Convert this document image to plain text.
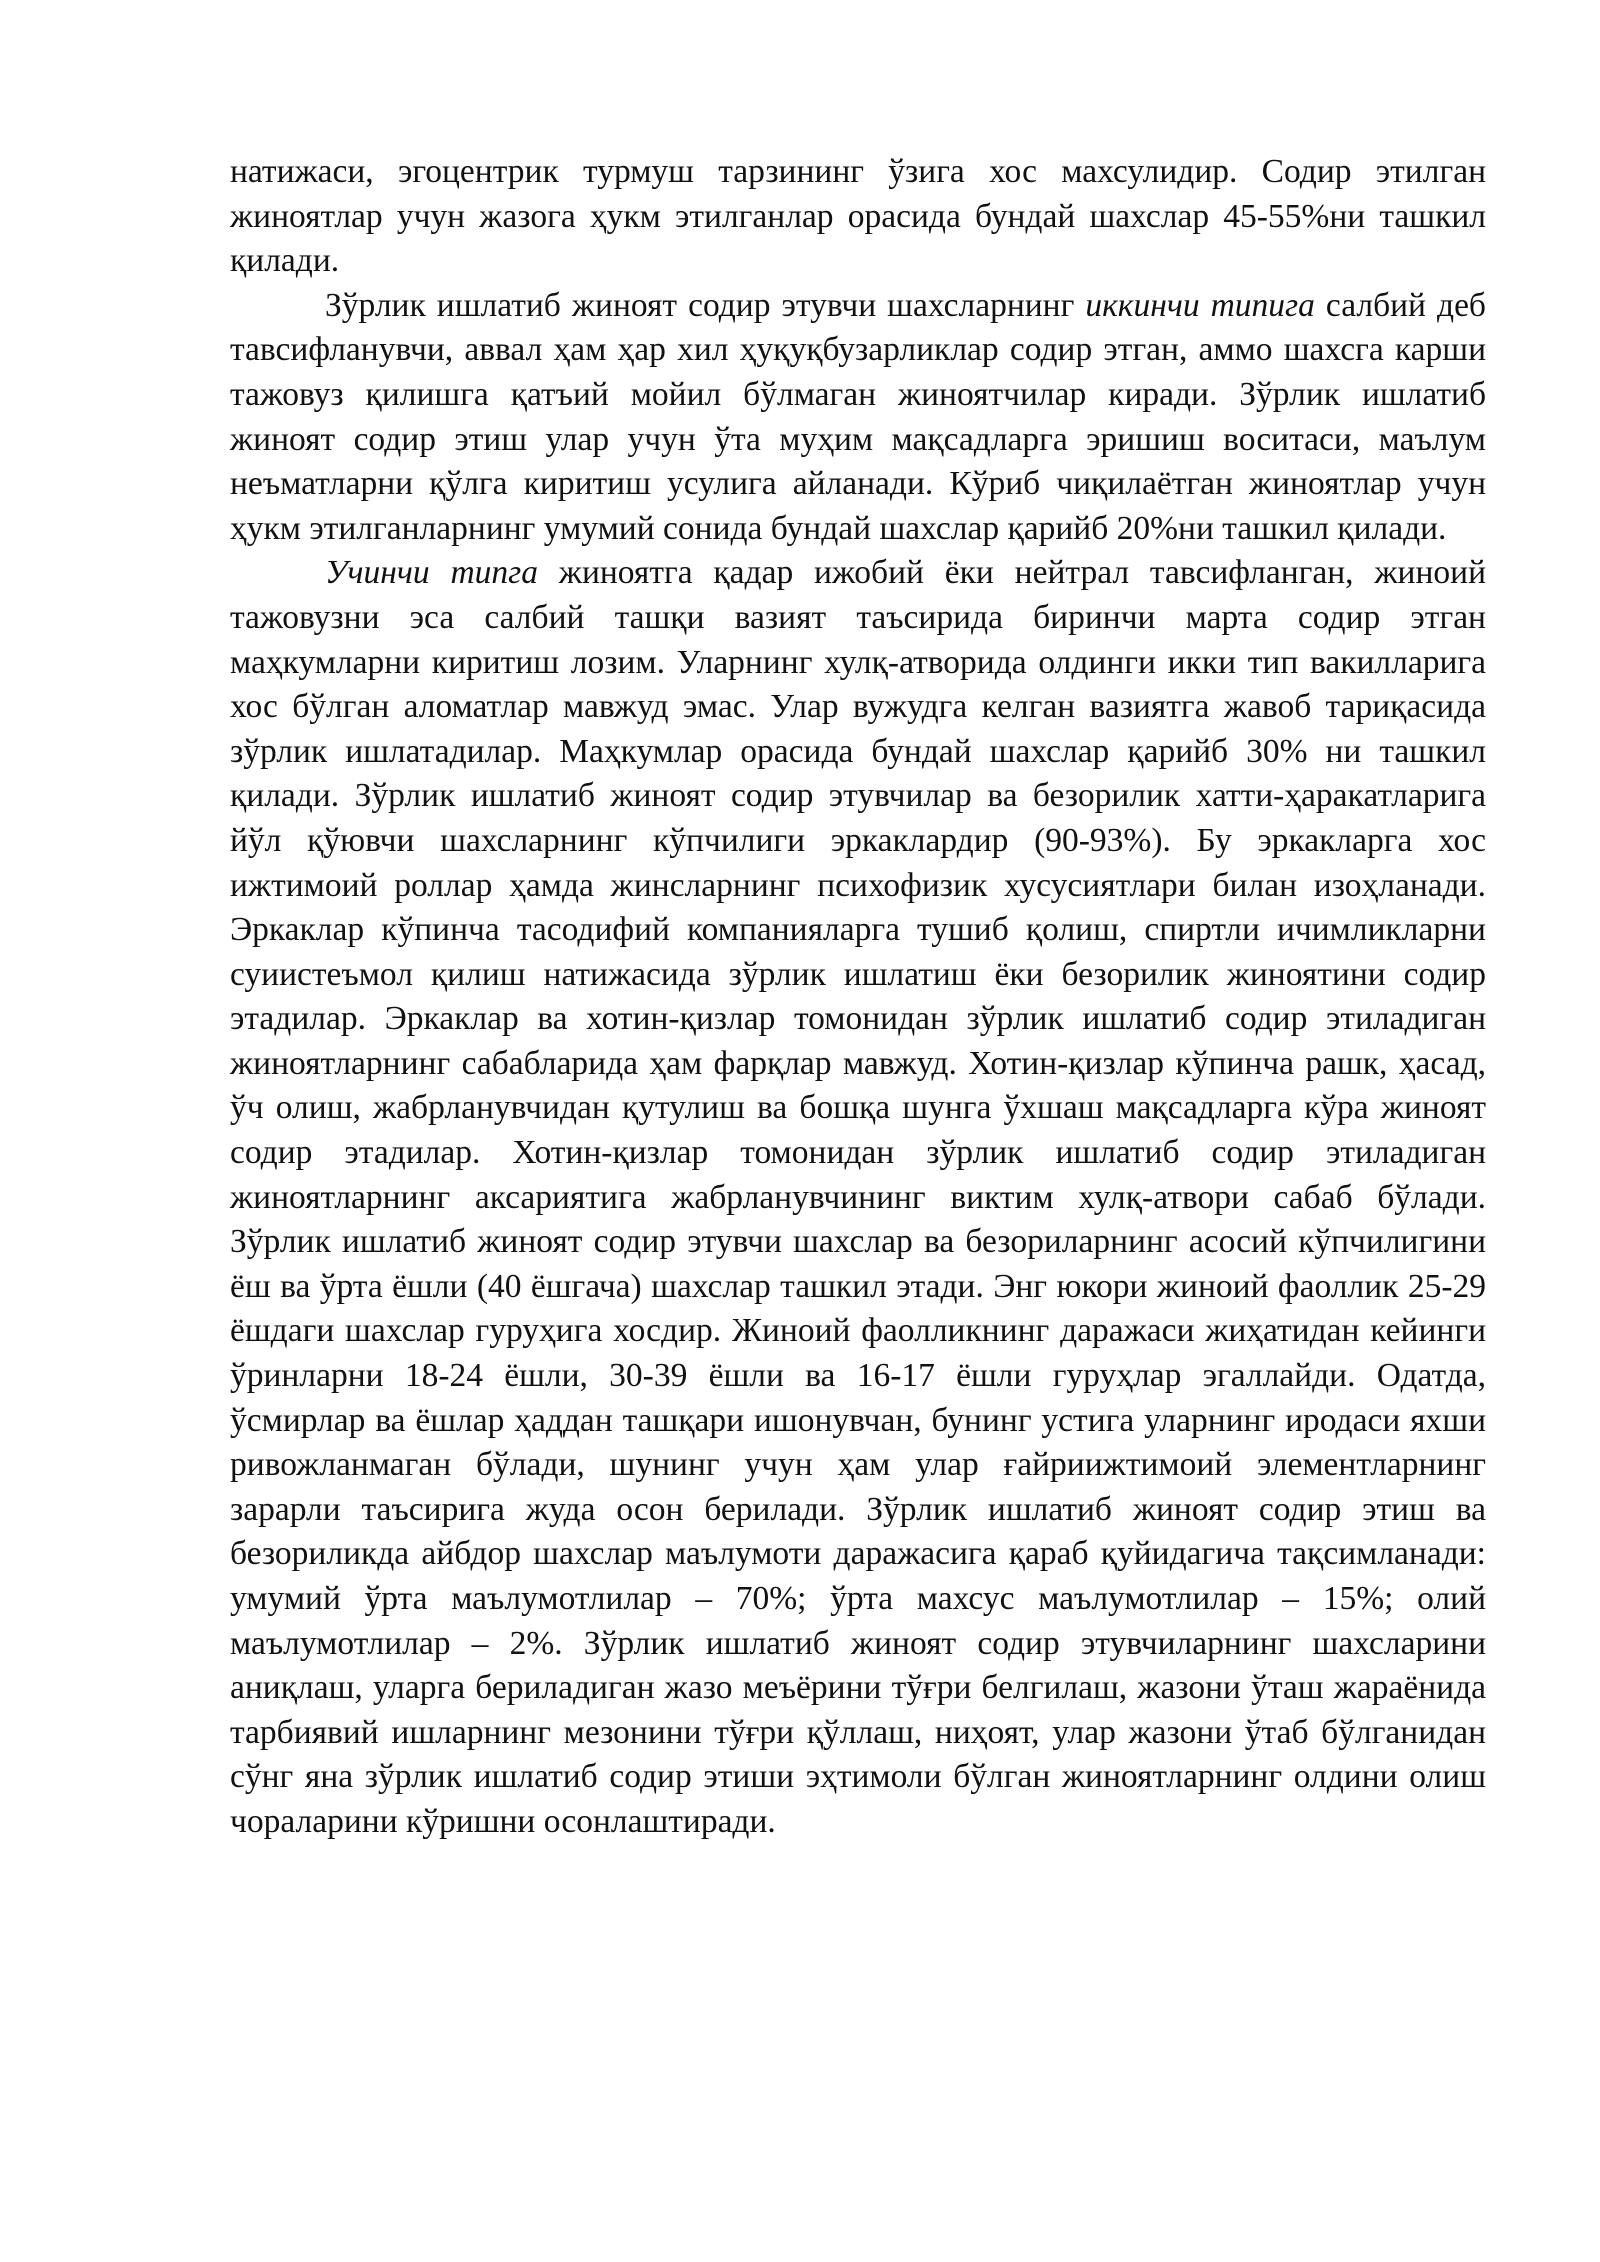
натижаси, эгоцентрик турмуш тарзининг ўзига хос махсулидир. Содир этилган жиноятлар учун жазога ҳукм этилганлар орасида бундай шахслар 45-55%ни ташкил қилади.

Зўрлик ишлатиб жиноят содир этувчи шахсларнинг иккинчи типига салбий деб тавсифланувчи, аввал ҳам ҳар хил ҳуқуқбузарликлар содир этган, аммо шахсга карши тажовуз қилишга қатъий мойил бўлмаган жиноятчилар киради. Зўрлик ишлатиб жиноят содир этиш улар учун ўта муҳим мақсадларга эришиш воситаси, маълум неъматларни қўлга киритиш усулига айланади. Кўриб чиқилаётган жиноятлар учун ҳукм этилганларнинг умумий сонида бундай шахслар қарийб 20%ни ташкил қилади.

Учинчи типга жиноятга қадар ижобий ёки нейтрал тавсифланган, жиноий тажовузни эса салбий ташқи вазият таъсирида биринчи марта содир этган маҳкумларни киритиш лозим. Уларнинг хулқ-атворида олдинги икки тип вакилларига хос бўлган аломатлар мавжуд эмас. Улар вужудга келган вазиятга жавоб тариқасида зўрлик ишлатадилар. Маҳкумлар орасида бундай шахслар қарийб 30% ни ташкил қилади. Зўрлик ишлатиб жиноят содир этувчилар ва безорилик хатти-ҳаракатларига йўл қўювчи шахсларнинг кўпчилиги эркаклардир (90-93%). Бу эркакларга хос ижтимоий роллар ҳамда жинсларнинг психофизик хусусиятлари билан изоҳланади. Эркаклар кўпинча тасодифий компанияларга тушиб қолиш, спиртли ичимликларни суиистеъмол қилиш натижасида зўрлик ишлатиш ёки безорилик жиноятини содир этадилар. Эркаклар ва хотин-қизлар томонидан зўрлик ишлатиб содир этиладиган жиноятларнинг сабабларида ҳам фарқлар мавжуд. Хотин-қизлар кўпинча рашк, ҳасад, ўч олиш, жабрланувчидан қутулиш ва бошқа шунга ўхшаш мақсадларга кўра жиноят содир этадилар. Хотин-қизлар томонидан зўрлик ишлатиб содир этиладиган жиноятларнинг аксариятига жабрланувчининг виктим хулқ-атвори сабаб бўлади. Зўрлик ишлатиб жиноят содир этувчи шахслар ва безориларнинг асосий кўпчилигини ёш ва ўрта ёшли (40 ёшгача) шахслар ташкил этади. Энг юкори жиноий фаоллик 25-29 ёшдаги шахслар гуруҳига хосдир. Жиноий фаолликнинг даражаси жиҳатидан кейинги ўринларни 18-24 ёшли, 30-39 ёшли ва 16-17 ёшли гуруҳлар эгаллайди. Одатда, ўсмирлар ва ёшлар ҳаддан ташқари ишонувчан, бунинг устига уларнинг иродаси яхши ривожланмаган бўлади, шунинг учун ҳам улар ғайриижтимоий элементларнинг зарарли таъсирига жуда осон берилади. Зўрлик ишлатиб жиноят содир этиш ва безориликда айбдор шахслар маълумоти даражасига қараб қуйидагича тақсимланади: умумий ўрта маълумотлилар – 70%; ўрта махсус маълумотлилар – 15%; олий маълумотлилар – 2%. Зўрлик ишлатиб жиноят содир этувчиларнинг шахсларини аниқлаш, уларга бериладиган жазо меъёрини тўғри белгилаш, жазони ўташ жараёнида тарбиявий ишларнинг мезонини тўғри қўллаш, ниҳоят, улар жазони ўтаб бўлганидан сўнг яна зўрлик ишлатиб содир этиши эҳтимоли бўлган жиноятларнинг олдини олиш чораларини кўришни осонлаштиради.
